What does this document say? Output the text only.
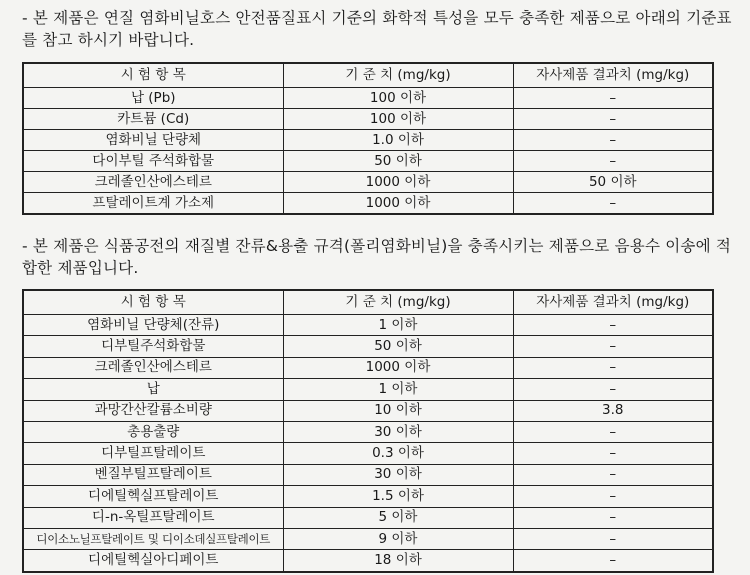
- 본 제품은 연질 염화비닐호스 안전품질표시 기준의 화학적 특성을 모두 충족한 제품으로 아래의 기준표를 참고 하시기 바랍니다.
시 험 항 목	기 준 치 (mg/kg)	자사제품 결과치 (mg/kg)
납 (Pb)	100 이하	–
카트뮴 (Cd)	100 이하	–
염화비닐 단량체	1.0 이하	–
다이부틸 주석화합물	50 이하	–
크레졸인산에스테르	1000 이하	50 이하
프탈레이트계 가소제	1000 이하	–
- 본 제품은 식품공전의 재질별 잔류&용출 규격(폴리염화비닐)을 충족시키는 제품으로 음용수 이송에 적합한 제품입니다.
시 험 항 목	기 준 치 (mg/kg)	자사제품 결과치 (mg/kg)
염화비닐 단량체(잔류)	1 이하	–
디부틸주석화합물	50 이하	–
크레졸인산에스테르	1000 이하	–
납	1 이하	–
과망간산칼륨소비량	10 이하	3.8
총용출량	30 이하	–
디부틸프탈레이트	0.3 이하	–
벤질부틸프탈레이트	30 이하	–
디에틸헥실프탈레이트	1.5 이하	–
디-n-옥틸프탈레이트	5 이하	–
디이소노닐프탈레이트 및 디이소데실프탈레이트	9 이하	–
디에틸헥실아디페이트	18 이하	–
